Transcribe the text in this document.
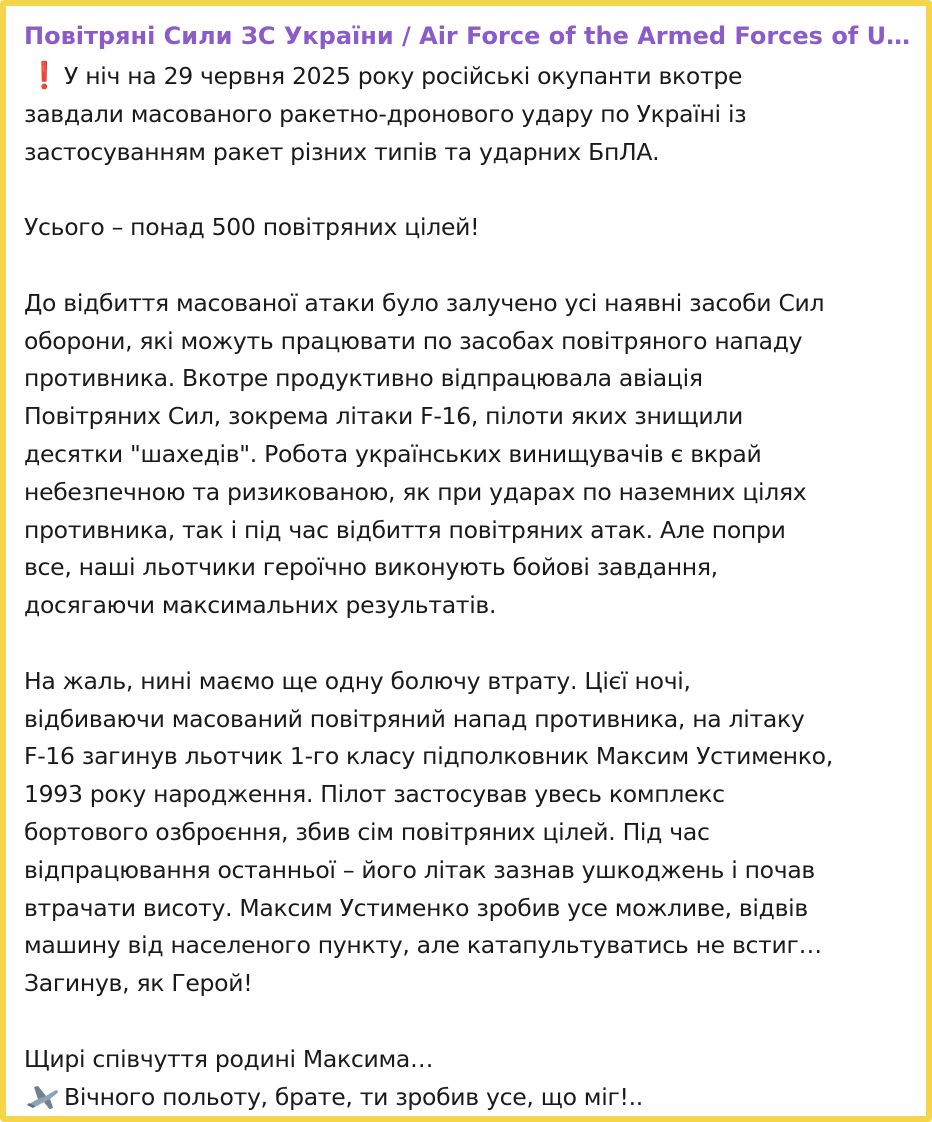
Повітряні Сили ЗС України / Air Force of the Armed Forces of U…
❗ У ніч на 29 червня 2025 року російські окупанти вкотре
завдали масованого ракетно-дронового удару по Україні із
застосуванням ракет різних типів та ударних БпЛА.
Усього – понад 500 повітряних цілей!
До відбиття масованої атаки було залучено усі наявні засоби Сил
оборони, які можуть працювати по засобах повітряного нападу
противника. Вкотре продуктивно відпрацювала авіація
Повітряних Сил, зокрема літаки F-16, пілоти яких знищили
десятки "шахедів". Робота українських винищувачів є вкрай
небезпечною та ризикованою, як при ударах по наземних цілях
противника, так і під час відбиття повітряних атак. Але попри
все, наші льотчики героїчно виконують бойові завдання,
досягаючи максимальних результатів.
На жаль, нині маємо ще одну болючу втрату. Цієї ночі,
відбиваючи масований повітряний напад противника, на літаку
F-16 загинув льотчик 1-го класу підполковник Максим Устименко,
1993 року народження. Пілот застосував увесь комплекс
бортового озброєння, збив сім повітряних цілей. Під час
відпрацювання останньої – його літак зазнав ушкоджень і почав
втрачати висоту. Максим Устименко зробив усе можливе, відвів
машину від населеного пункту, але катапультуватись не встиг…
Загинув, як Герой!
Щирі співчуття родині Максима…
Вічного польоту, брате, ти зробив усе, що міг!..
